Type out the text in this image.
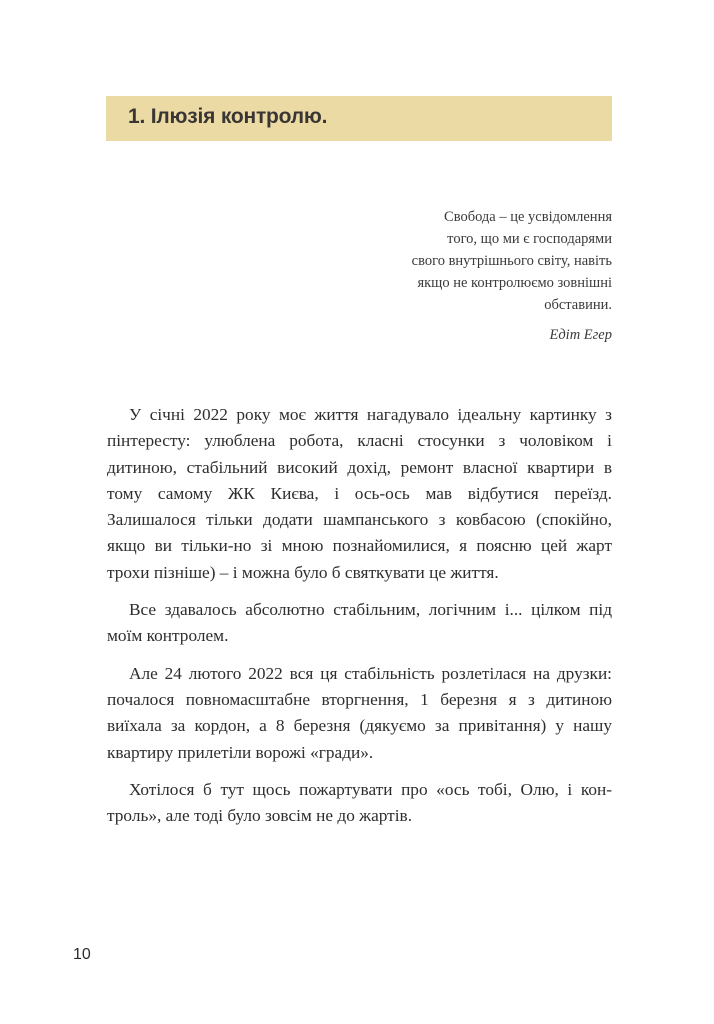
1. Ілюзія контролю.
Свобода – це усвідомлення
того, що ми є господарями
свого внутрішнього світу, навіть
якщо не контролюємо зовнішні
обставини.
Едіт Егер

У січні 2022 року моє життя нагадувало ідеальну картинку з пінтересту: улюблена робота, класні стосунки з чоловіком і дитиною, стабільний високий дохід, ремонт власної квартири в тому самому ЖК Києва, і ось-ось мав відбутися переїзд. Залишалося тільки додати шампанського з ковбасою (спокійно, якщо ви тільки-но зі мною познайомилися, я поясню цей жарт трохи пізніше) – і можна було б святкувати це життя.

Все здавалось абсолютно стабільним, логічним і... цілком під моїм контролем.

Але 24 лютого 2022 вся ця стабільність розлетілася на друзки: почалося повномасштабне вторгнення, 1 березня я з дитиною виїхала за кордон, а 8 березня (дякуємо за привітання) у нашу квартиру прилетіли ворожі «гради».

Хотілося б тут щось пожартувати про «ось тобі, Олю, і контроль», але тоді було зовсім не до жартів.

10
